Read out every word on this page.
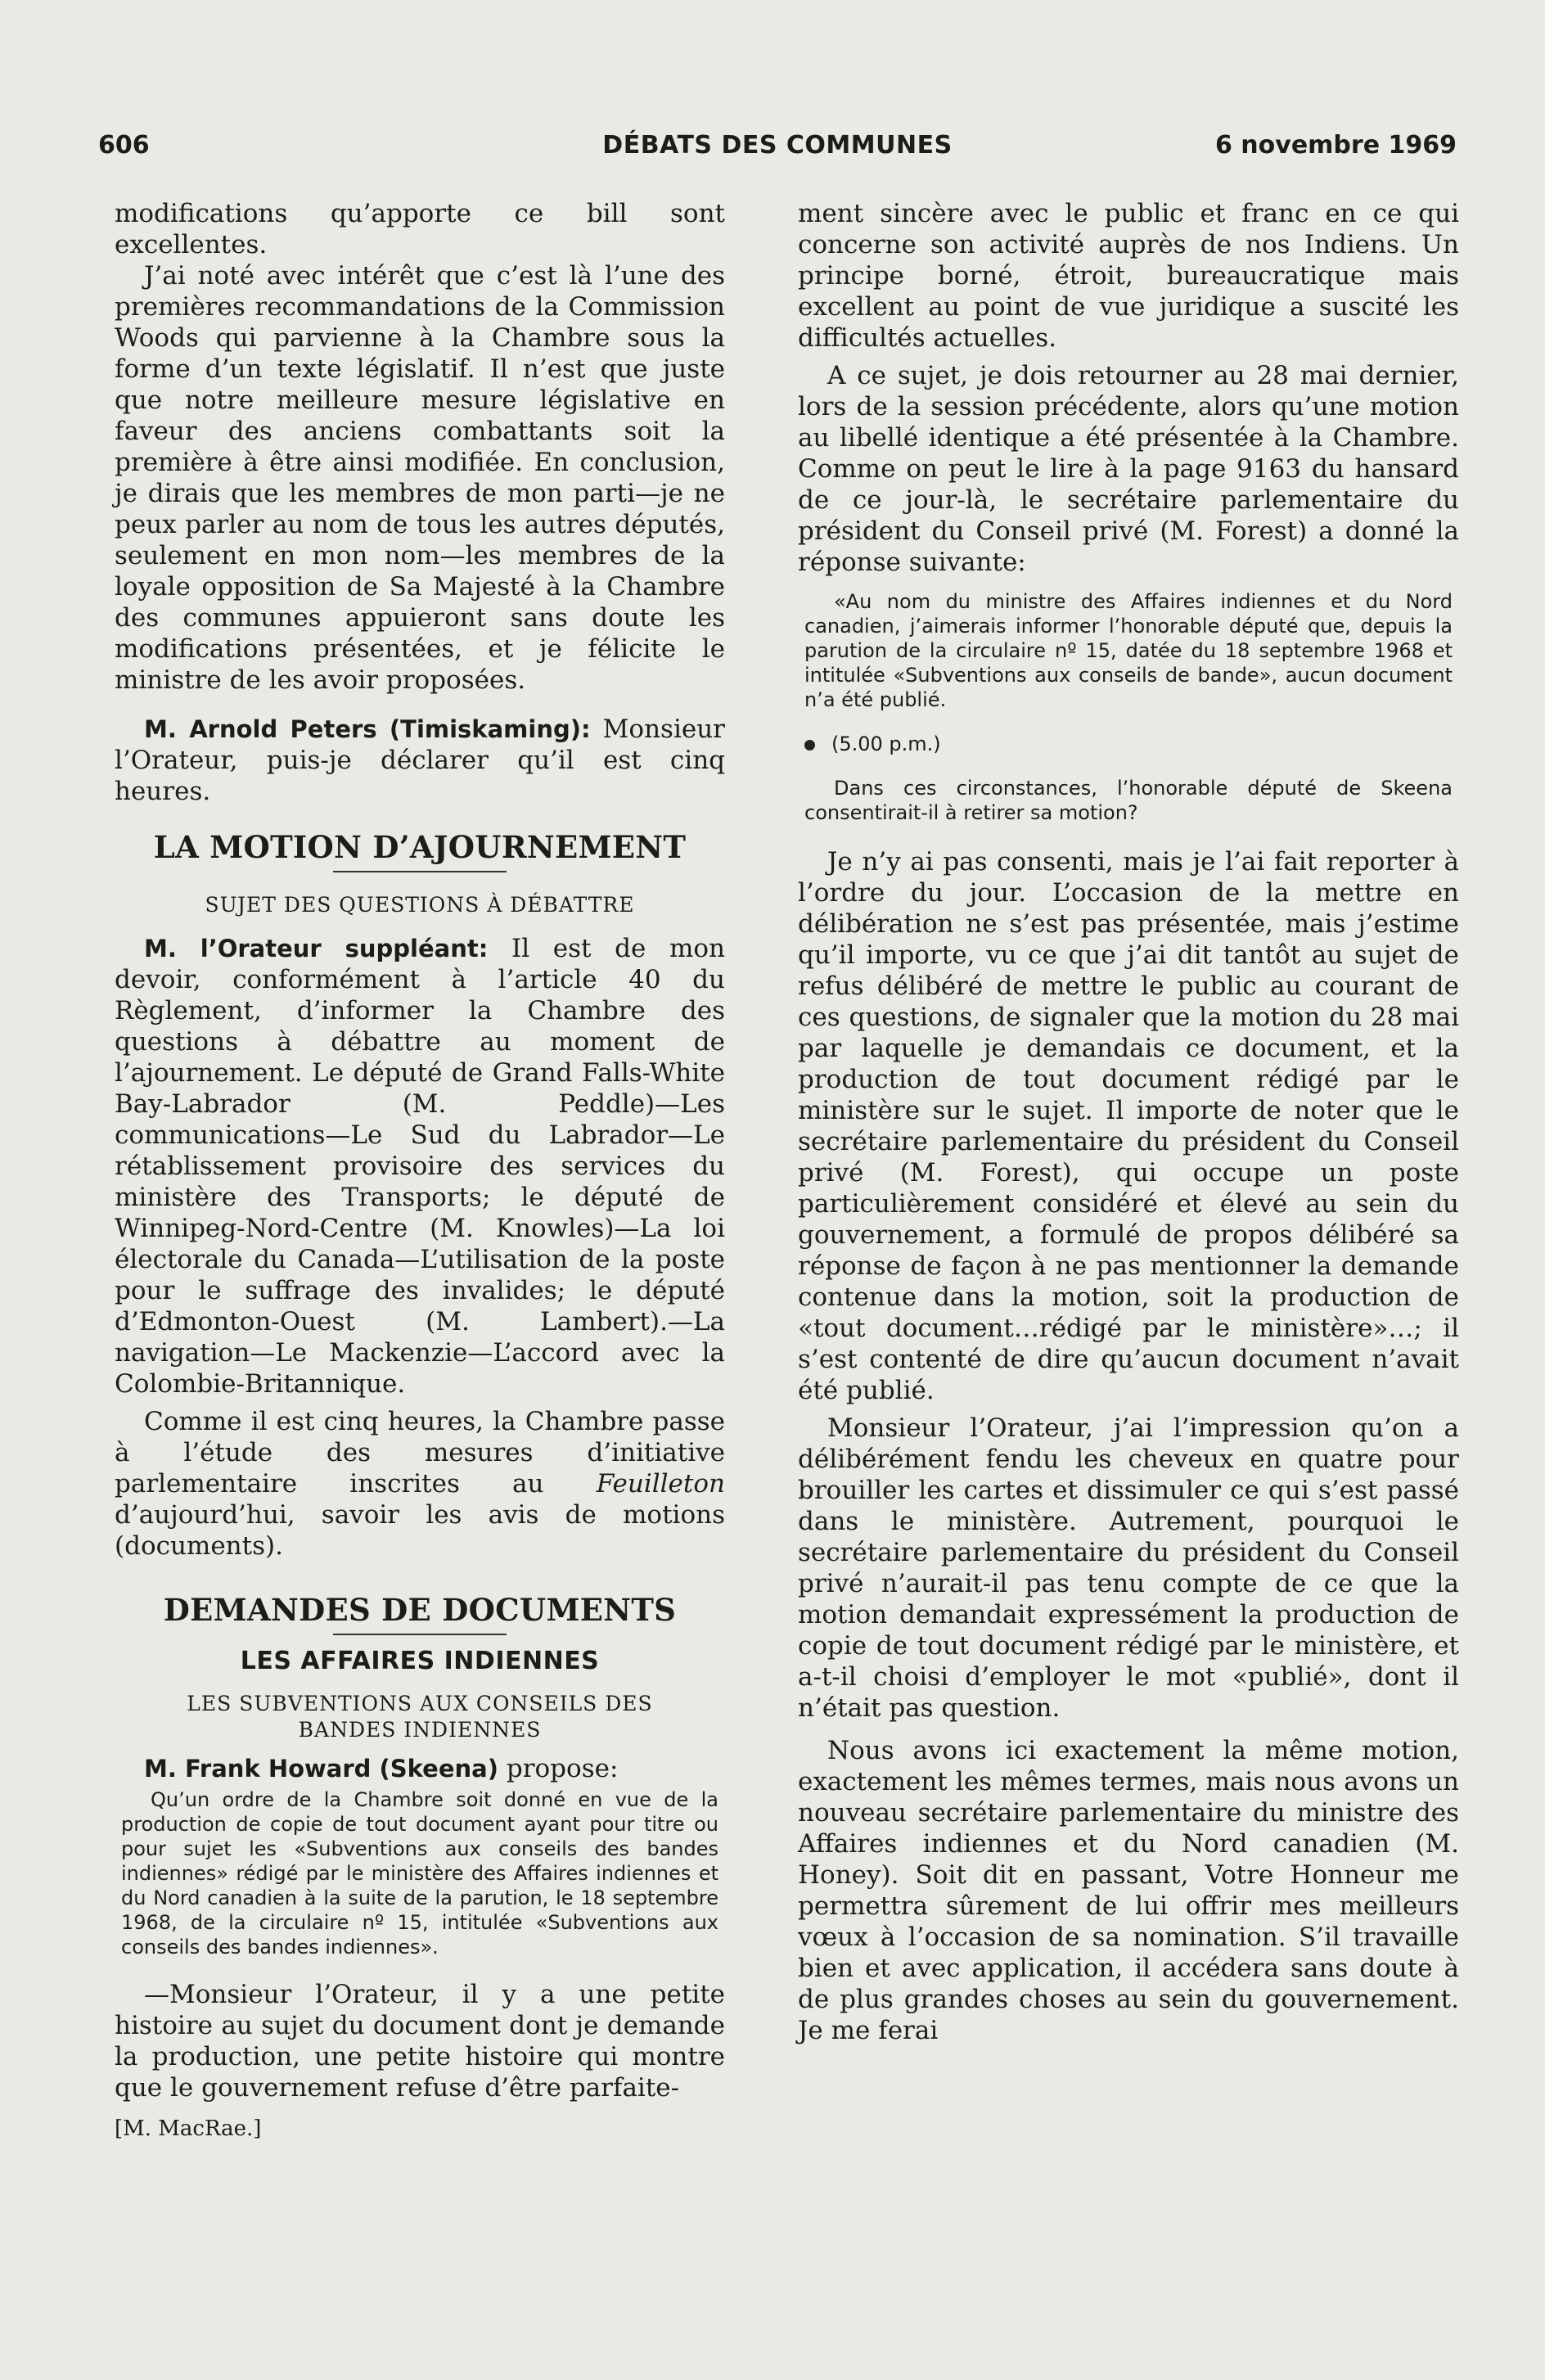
606	DÉBATS DES COMMUNES	6 novembre 1969

modifications qu’apporte ce bill sont excellentes.

J’ai noté avec intérêt que c’est là l’une des premières recommandations de la Commission Woods qui parvienne à la Chambre sous la forme d’un texte législatif. Il n’est que juste que notre meilleure mesure législative en faveur des anciens combattants soit la première à être ainsi modifiée. En conclusion, je dirais que les membres de mon parti—je ne peux parler au nom de tous les autres députés, seulement en mon nom—les membres de la loyale opposition de Sa Majesté à la Chambre des communes appuieront sans doute les modifications présentées, et je félicite le ministre de les avoir proposées.

M. Arnold Peters (Timiskaming): Monsieur l’Orateur, puis-je déclarer qu’il est cinq heures.

LA MOTION D’AJOURNEMENT
SUJET DES QUESTIONS À DÉBATTRE

M. l’Orateur suppléant: Il est de mon devoir, conformément à l’article 40 du Règlement, d’informer la Chambre des questions à débattre au moment de l’ajournement. Le député de Grand Falls-White Bay-Labrador (M. Peddle)—Les communications—Le Sud du Labrador—Le rétablissement provisoire des services du ministère des Transports; le député de Winnipeg-Nord-Centre (M. Knowles)—La loi électorale du Canada—L’utilisation de la poste pour le suffrage des invalides; le député d’Edmonton-Ouest (M. Lambert).—La navigation—Le Mackenzie—L’accord avec la Colombie-Britannique.

Comme il est cinq heures, la Chambre passe à l’étude des mesures d’initiative parlementaire inscrites au Feuilleton d’aujourd’hui, savoir les avis de motions (documents).

DEMANDES DE DOCUMENTS
LES AFFAIRES INDIENNES
LES SUBVENTIONS AUX CONSEILS DES BANDES INDIENNES

M. Frank Howard (Skeena) propose:

Qu’un ordre de la Chambre soit donné en vue de la production de copie de tout document ayant pour titre ou pour sujet les «Subventions aux conseils des bandes indiennes» rédigé par le ministère des Affaires indiennes et du Nord canadien à la suite de la parution, le 18 septembre 1968, de la circulaire nº 15, intitulée «Subventions aux conseils des bandes indiennes».

—Monsieur l’Orateur, il y a une petite histoire au sujet du document dont je demande la production, une petite histoire qui montre que le gouvernement refuse d’être parfaite-

[M. MacRae.]

ment sincère avec le public et franc en ce qui concerne son activité auprès de nos Indiens. Un principe borné, étroit, bureaucratique mais excellent au point de vue juridique a suscité les difficultés actuelles.

A ce sujet, je dois retourner au 28 mai dernier, lors de la session précédente, alors qu’une motion au libellé identique a été présentée à la Chambre. Comme on peut le lire à la page 9163 du hansard de ce jour-là, le secrétaire parlementaire du président du Conseil privé (M. Forest) a donné la réponse suivante:

«Au nom du ministre des Affaires indiennes et du Nord canadien, j’aimerais informer l’honorable député que, depuis la parution de la circulaire nº 15, datée du 18 septembre 1968 et intitulée «Subventions aux conseils de bande», aucun document n’a été publié.

(5.00 p.m.)

Dans ces circonstances, l’honorable député de Skeena consentirait-il à retirer sa motion?

Je n’y ai pas consenti, mais je l’ai fait reporter à l’ordre du jour. L’occasion de la mettre en délibération ne s’est pas présentée, mais j’estime qu’il importe, vu ce que j’ai dit tantôt au sujet de refus délibéré de mettre le public au courant de ces questions, de signaler que la motion du 28 mai par laquelle je demandais ce document, et la production de tout document rédigé par le ministère sur le sujet. Il importe de noter que le secrétaire parlementaire du président du Conseil privé (M. Forest), qui occupe un poste particulièrement considéré et élevé au sein du gouvernement, a formulé de propos délibéré sa réponse de façon à ne pas mentionner la demande contenue dans la motion, soit la production de «tout document…rédigé par le ministère»…; il s’est contenté de dire qu’aucun document n’avait été publié.

Monsieur l’Orateur, j’ai l’impression qu’on a délibérément fendu les cheveux en quatre pour brouiller les cartes et dissimuler ce qui s’est passé dans le ministère. Autrement, pourquoi le secrétaire parlementaire du président du Conseil privé n’aurait-il pas tenu compte de ce que la motion demandait expressément la production de copie de tout document rédigé par le ministère, et a-t-il choisi d’employer le mot «publié», dont il n’était pas question.

Nous avons ici exactement la même motion, exactement les mêmes termes, mais nous avons un nouveau secrétaire parlementaire du ministre des Affaires indiennes et du Nord canadien (M. Honey). Soit dit en passant, Votre Honneur me permettra sûrement de lui offrir mes meilleurs vœux à l’occasion de sa nomination. S’il travaille bien et avec application, il accédera sans doute à de plus grandes choses au sein du gouvernement. Je me ferai
